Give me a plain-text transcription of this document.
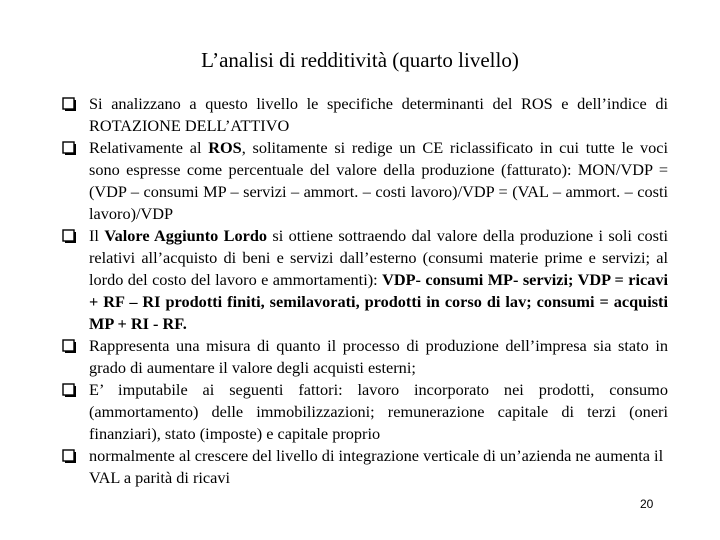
L’analisi di redditività (quarto livello)
Si analizzano a questo livello le specifiche determinanti del ROS e dell’indice di ROTAZIONE DELL’ATTIVO
Relativamente al ROS, solitamente si redige un CE riclassificato in cui tutte le voci sono espresse come percentuale del valore della produzione (fatturato): MON/VDP = (VDP – consumi MP – servizi – ammort. – costi lavoro)/VDP = (VAL – ammort. – costi lavoro)/VDP
Il Valore Aggiunto Lordo si ottiene sottraendo dal valore della produzione i soli costi relativi all’acquisto di beni e servizi dall’esterno (consumi materie prime e servizi; al lordo del costo del lavoro e ammortamenti): VDP- consumi MP- servizi; VDP = ricavi + RF – RI prodotti finiti, semilavorati, prodotti in corso di lav; consumi = acquisti MP + RI - RF.
Rappresenta una misura di quanto il processo di produzione dell’impresa sia stato in grado di aumentare il valore degli acquisti esterni;
E’ imputabile ai seguenti fattori: lavoro incorporato nei prodotti, consumo (ammortamento) delle immobilizzazioni; remunerazione capitale di terzi (oneri finanziari), stato (imposte) e capitale proprio
normalmente al crescere del livello di integrazione verticale di un’azienda ne aumenta il VAL a parità di ricavi
20
